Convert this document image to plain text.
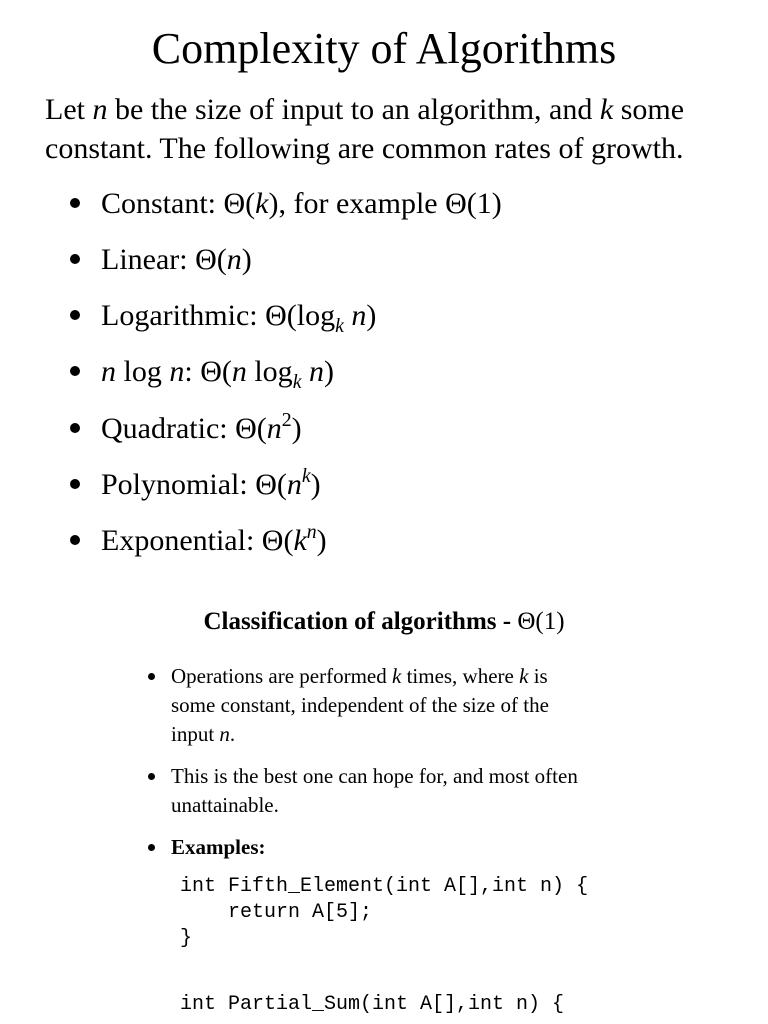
Complexity of Algorithms
Let n be the size of input to an algorithm, and k some
constant. The following are common rates of growth.
Constant: Θ(k), for example Θ(1)
Linear: Θ(n)
Logarithmic: $\Theta(\log_k$ n)
n log n: Θ(n $\log_k n$)
Quadratic: $\Theta(n^2)$
Polynomial: $\Theta(n^k)$
Exponential: $\Theta(k^n)$
Classification of algorithms - Θ(1)
Operations are performed k times, where k is
some constant, independent of the size of the
input n.
This is the best one can hope for, and most often
unattainable.
Examples:
int Fifth_Element(int A[],int n) {
return A[5];
}
int Partial_Sum(int A[],int n) {
